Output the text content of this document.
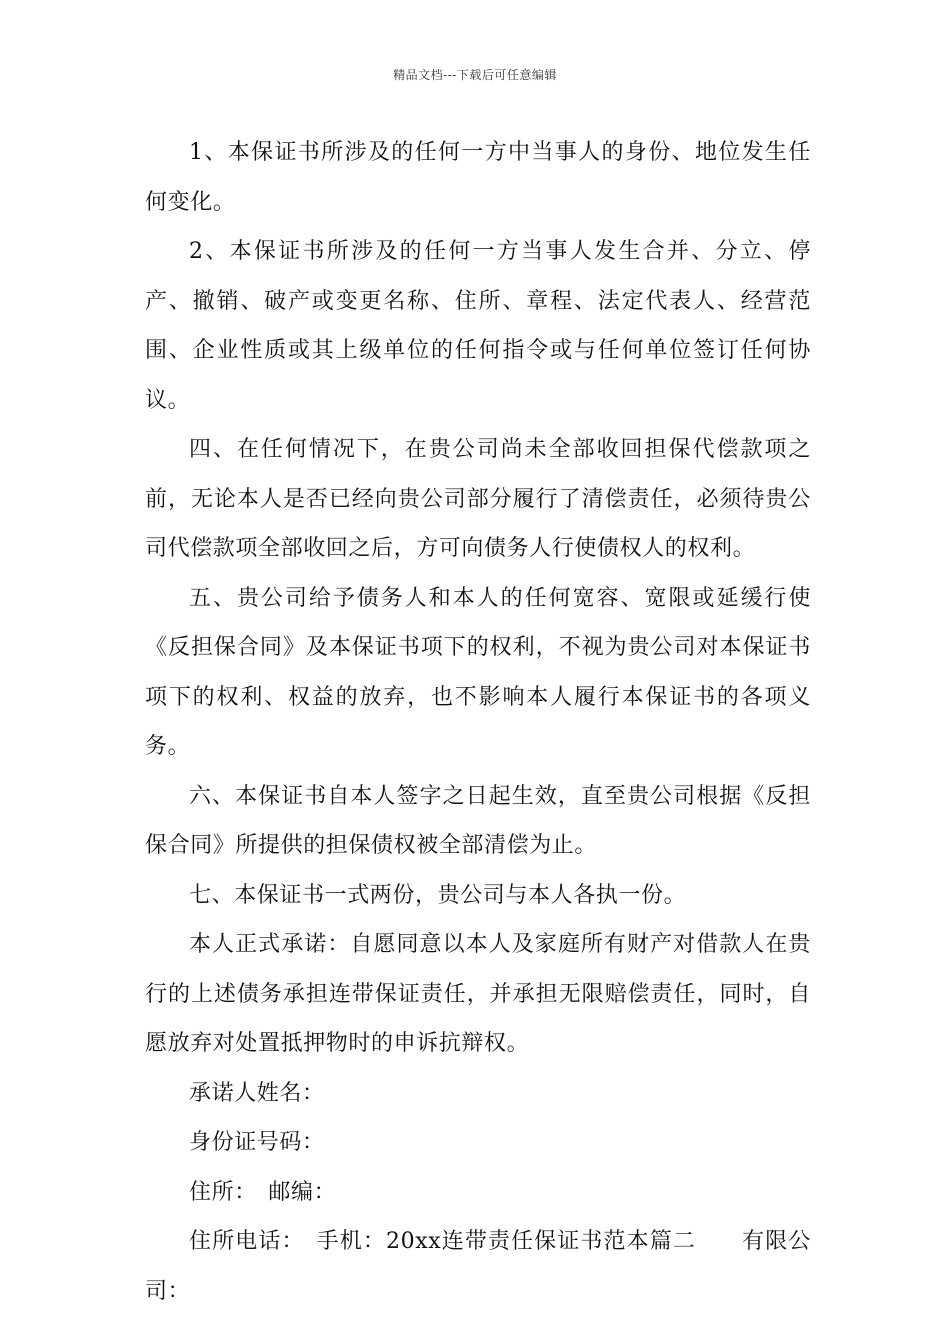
精品文档---下载后可任意编辑

1、本保证书所涉及的任何一方中当事人的身份、地位发生任何变化。

2、本保证书所涉及的任何一方当事人发生合并、分立、停产、撤销、破产或变更名称、住所、章程、法定代表人、经营范围、企业性质或其上级单位的任何指令或与任何单位签订任何协议。

四、在任何情况下，在贵公司尚未全部收回担保代偿款项之前，无论本人是否已经向贵公司部分履行了清偿责任，必须待贵公司代偿款项全部收回之后，方可向债务人行使债权人的权利。

五、贵公司给予债务人和本人的任何宽容、宽限或延缓行使《反担保合同》及本保证书项下的权利，不视为贵公司对本保证书项下的权利、权益的放弃，也不影响本人履行本保证书的各项义务。

六、本保证书自本人签字之日起生效，直至贵公司根据《反担保合同》所提供的担保债权被全部清偿为止。

七、本保证书一式两份，贵公司与本人各执一份。

本人正式承诺：自愿同意以本人及家庭所有财产对借款人在贵行的上述债务承担连带保证责任，并承担无限赔偿责任，同时，自愿放弃对处置抵押物时的申诉抗辩权。

承诺人姓名：

身份证号码：

住所：　邮编：

住所电话：　手机：20xx连带责任保证书范本篇二　　有限公司：
